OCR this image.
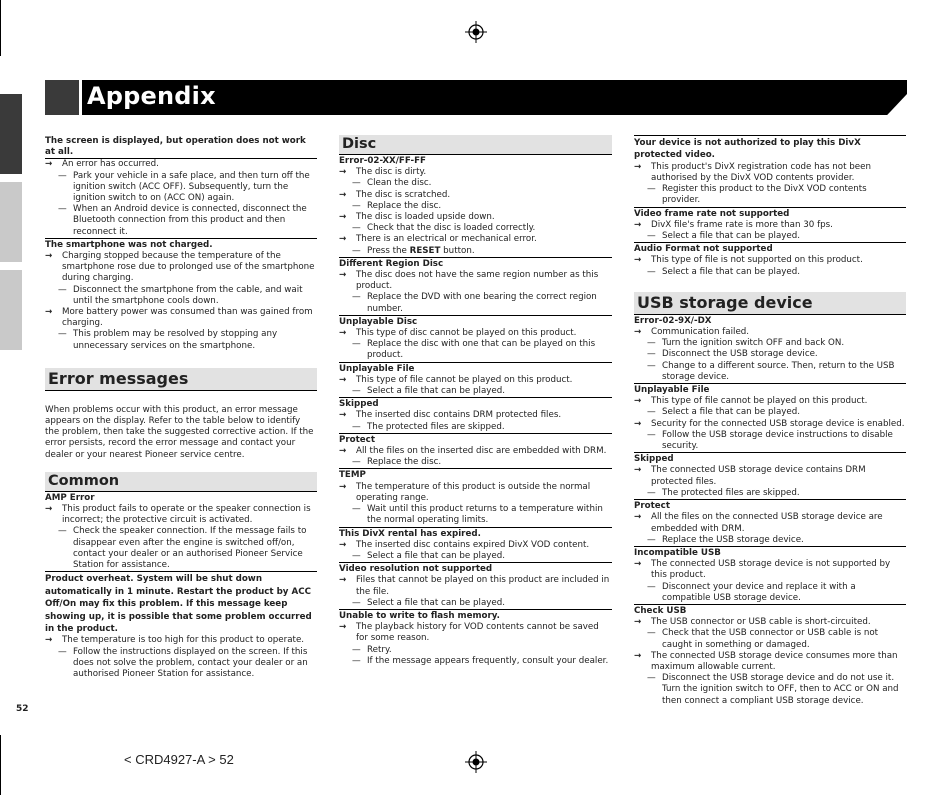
Appendix
The screen is displayed, but operation does not work at all.
→ An error has occurred.
— Park your vehicle in a safe place, and then turn off the ignition switch (ACC OFF). Subsequently, turn the ignition switch to on (ACC ON) again.
— When an Android device is connected, disconnect the Bluetooth connection from this product and then reconnect it.
The smartphone was not charged.
→ Charging stopped because the temperature of the smartphone rose due to prolonged use of the smartphone during charging.
— Disconnect the smartphone from the cable, and wait until the smartphone cools down.
→ More battery power was consumed than was gained from charging.
— This problem may be resolved by stopping any unnecessary services on the smartphone.
Error messages

When problems occur with this product, an error message appears on the display. Refer to the table below to identify the problem, then take the suggested corrective action. If the error persists, record the error message and contact your dealer or your nearest Pioneer service centre.

Common
AMP Error
→ This product fails to operate or the speaker connection is incorrect; the protective circuit is activated.
— Check the speaker connection. If the message fails to disappear even after the engine is switched off/on, contact your dealer or an authorised Pioneer Service Station for assistance.
Product overheat. System will be shut down automatically in 1 minute. Restart the product by ACC Off/On may fix this problem. If this message keep showing up, it is possible that some problem occurred in the product.
→ The temperature is too high for this product to operate.
— Follow the instructions displayed on the screen. If this does not solve the problem, contact your dealer or an authorised Pioneer Station for assistance.
Disc
Error-02-XX/FF-FF
→ The disc is dirty.
— Clean the disc.
→ The disc is scratched.
— Replace the disc.
→ The disc is loaded upside down.
— Check that the disc is loaded correctly.
→ There is an electrical or mechanical error.
— Press the RESET button.
Different Region Disc
→ The disc does not have the same region number as this product.
— Replace the DVD with one bearing the correct region number.
Unplayable Disc
→ This type of disc cannot be played on this product.
— Replace the disc with one that can be played on this product.
Unplayable File
→ This type of file cannot be played on this product.
— Select a file that can be played.
Skipped
→ The inserted disc contains DRM protected files.
— The protected files are skipped.
Protect
→ All the files on the inserted disc are embedded with DRM.
— Replace the disc.
TEMP
→ The temperature of this product is outside the normal operating range.
— Wait until this product returns to a temperature within the normal operating limits.
This DivX rental has expired.
→ The inserted disc contains expired DivX VOD content.
— Select a file that can be played.
Video resolution not supported
→ Files that cannot be played on this product are included in the file.
— Select a file that can be played.
Unable to write to flash memory.
→ The playback history for VOD contents cannot be saved for some reason.
— Retry.
— If the message appears frequently, consult your dealer.
Your device is not authorized to play this DivX protected video.
→ This product's DivX registration code has not been authorised by the DivX VOD contents provider.
— Register this product to the DivX VOD contents provider.
Video frame rate not supported
→ DivX file's frame rate is more than 30 fps.
— Select a file that can be played.
Audio Format not supported
→ This type of file is not supported on this product.
— Select a file that can be played.
USB storage device
Error-02-9X/-DX
→ Communication failed.
— Turn the ignition switch OFF and back ON.
— Disconnect the USB storage device.
— Change to a different source. Then, return to the USB storage device.
Unplayable File
→ This type of file cannot be played on this product.
— Select a file that can be played.
→ Security for the connected USB storage device is enabled.
— Follow the USB storage device instructions to disable security.
Skipped
→ The connected USB storage device contains DRM protected files.
— The protected files are skipped.
Protect
→ All the files on the connected USB storage device are embedded with DRM.
— Replace the USB storage device.
Incompatible USB
→ The connected USB storage device is not supported by this product.
— Disconnect your device and replace it with a compatible USB storage device.
Check USB
→ The USB connector or USB cable is short-circuited.
— Check that the USB connector or USB cable is not caught in something or damaged.
→ The connected USB storage device consumes more than maximum allowable current.
— Disconnect the USB storage device and do not use it. Turn the ignition switch to OFF, then to ACC or ON and then connect a compliant USB storage device.
52
< CRD4927-A > 52
